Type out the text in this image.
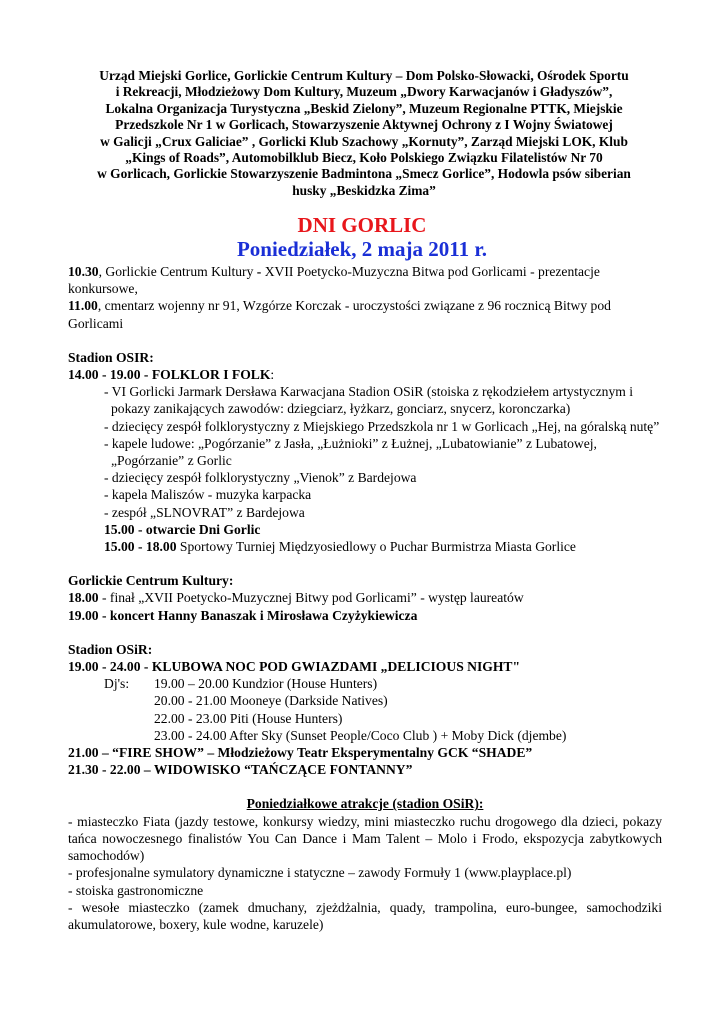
Urząd Miejski Gorlice, Gorlickie Centrum Kultury – Dom Polsko-Słowacki, Ośrodek Sportu
i Rekreacji, Młodzieżowy Dom Kultury, Muzeum „Dwory Karwacjanów i Gładyszów”,
Lokalna Organizacja Turystyczna „Beskid Zielony”, Muzeum Regionalne PTTK, Miejskie
Przedszkole Nr 1 w Gorlicach, Stowarzyszenie Aktywnej Ochrony z I Wojny Światowej
w Galicji „Crux Galiciae” , Gorlicki Klub Szachowy „Kornuty”, Zarząd Miejski LOK, Klub
„Kings of Roads”, Automobilklub Biecz, Koło Polskiego Związku Filatelistów Nr 70
w Gorlicach, Gorlickie Stowarzyszenie Badmintona „Smecz Gorlice”, Hodowla psów siberian
husky „Beskidzka Zima”
DNI GORLIC
Poniedziałek, 2 maja 2011 r.

10.30, Gorlickie Centrum Kultury - XVII Poetycko-Muzyczna Bitwa pod Gorlicami - prezentacje konkursowe,

11.00, cmentarz wojenny nr 91, Wzgórze Korczak - uroczystości związane z 96 rocznicą Bitwy pod Gorlicami

Stadion OSIR:

14.00 - 19.00 - FOLKLOR I FOLK:

- VI Gorlicki Jarmark Dersława Karwacjana Stadion OSiR (stoiska z rękodziełem artystycznym i pokazy zanikających zawodów: dziegciarz, łyżkarz, gonciarz, snycerz, koronczarka)

- dziecięcy zespół folklorystyczny z Miejskiego Przedszkola nr 1 w Gorlicach „Hej, na góralską nutę”

- kapele ludowe: „Pogórzanie” z Jasła, „Łużnioki” z Łużnej, „Lubatowianie” z Lubatowej, „Pogórzanie” z Gorlic

- dziecięcy zespół folklorystyczny „Vienok” z Bardejowa

- kapela Maliszów - muzyka karpacka

- zespół „SLNOVRAT” z Bardejowa

15.00 - otwarcie Dni Gorlic

15.00 - 18.00 Sportowy Turniej Międzyosiedlowy o Puchar Burmistrza Miasta Gorlice

Gorlickie Centrum Kultury:

18.00 - finał „XVII Poetycko-Muzycznej Bitwy pod Gorlicami” - występ laureatów

19.00 - koncert Hanny Banaszak i Mirosława Czyżykiewicza

Stadion OSiR:

19.00 - 24.00 - KLUBOWA NOC POD GWIAZDAMI „DELICIOUS NIGHT"

Dj's:	19.00 – 20.00 Kundzior (House Hunters)

20.00 - 21.00 Mooneye (Darkside Natives)

22.00 - 23.00 Piti (House Hunters)

23.00 - 24.00 After Sky (Sunset People/Coco Club ) + Moby Dick (djembe)

21.00 – “FIRE SHOW” – Młodzieżowy Teatr Eksperymentalny GCK “SHADE”

21.30 - 22.00 – WIDOWISKO “TAŃCZĄCE FONTANNY”

Poniedziałkowe atrakcje (stadion OSiR):

- miasteczko Fiata (jazdy testowe, konkursy wiedzy, mini miasteczko ruchu drogowego dla dzieci, pokazy tańca nowoczesnego finalistów You Can Dance i Mam Talent – Molo i Frodo, ekspozycja zabytkowych samochodów)

- profesjonalne symulatory dynamiczne i statyczne – zawody Formuły 1 (www.playplace.pl)

- stoiska gastronomiczne

- wesołe miasteczko (zamek dmuchany, zjeżdżalnia, quady, trampolina, euro-bungee, samochodziki akumulatorowe, boxery, kule wodne, karuzele)
